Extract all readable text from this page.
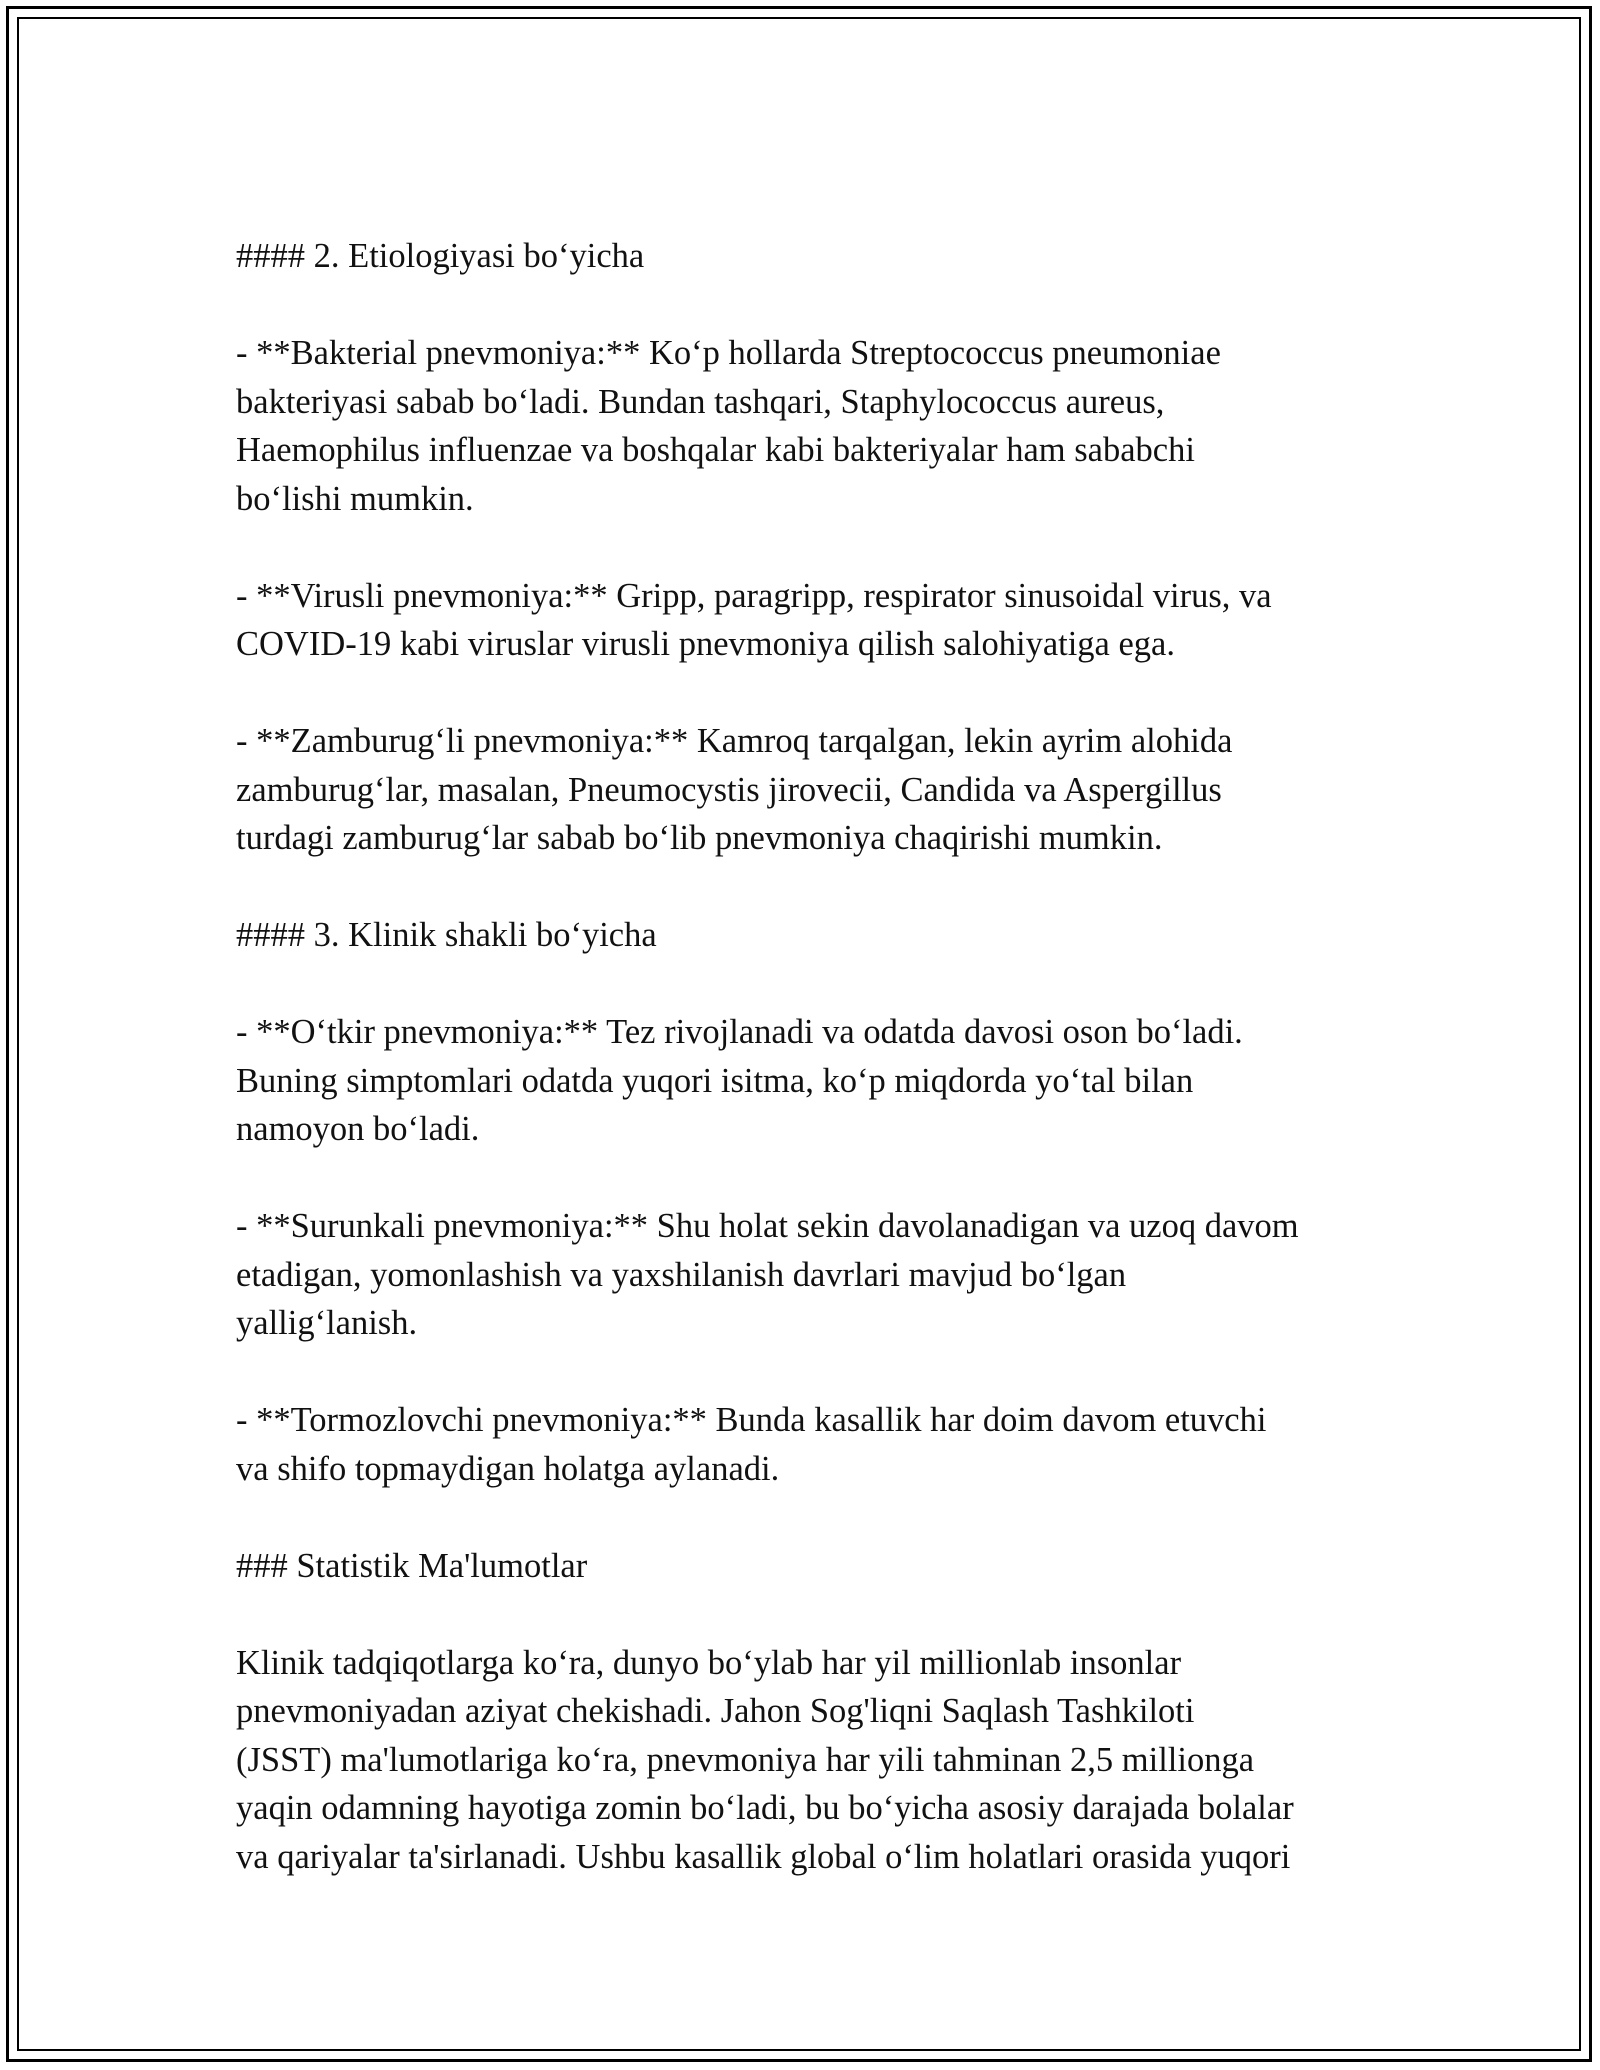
#### 2. Etiologiyasi bo‘yicha

- **Bakterial pnevmoniya:** Ko‘p hollarda Streptococcus pneumoniae
bakteriyasi sabab bo‘ladi. Bundan tashqari, Staphylococcus aureus,
Haemophilus influenzae va boshqalar kabi bakteriyalar ham sababchi
bo‘lishi mumkin.

- **Virusli pnevmoniya:** Gripp, paragripp, respirator sinusoidal virus, va
COVID-19 kabi viruslar virusli pnevmoniya qilish salohiyatiga ega.

- **Zamburug‘li pnevmoniya:** Kamroq tarqalgan, lekin ayrim alohida
zamburug‘lar, masalan, Pneumocystis jirovecii, Candida va Aspergillus
turdagi zamburug‘lar sabab bo‘lib pnevmoniya chaqirishi mumkin.

#### 3. Klinik shakli bo‘yicha

- **O‘tkir pnevmoniya:** Tez rivojlanadi va odatda davosi oson bo‘ladi.
Buning simptomlari odatda yuqori isitma, ko‘p miqdorda yo‘tal bilan
namoyon bo‘ladi.

- **Surunkali pnevmoniya:** Shu holat sekin davolanadigan va uzoq davom
etadigan, yomonlashish va yaxshilanish davrlari mavjud bo‘lgan
yallig‘lanish.

- **Tormozlovchi pnevmoniya:** Bunda kasallik har doim davom etuvchi
va shifo topmaydigan holatga aylanadi.

### Statistik Ma'lumotlar

Klinik tadqiqotlarga ko‘ra, dunyo bo‘ylab har yil millionlab insonlar
pnevmoniyadan aziyat chekishadi. Jahon Sog'liqni Saqlash Tashkiloti
(JSST) ma'lumotlariga ko‘ra, pnevmoniya har yili tahminan 2,5 millionga
yaqin odamning hayotiga zomin bo‘ladi, bu bo‘yicha asosiy darajada bolalar
va qariyalar ta'sirlanadi. Ushbu kasallik global o‘lim holatlari orasida yuqori
